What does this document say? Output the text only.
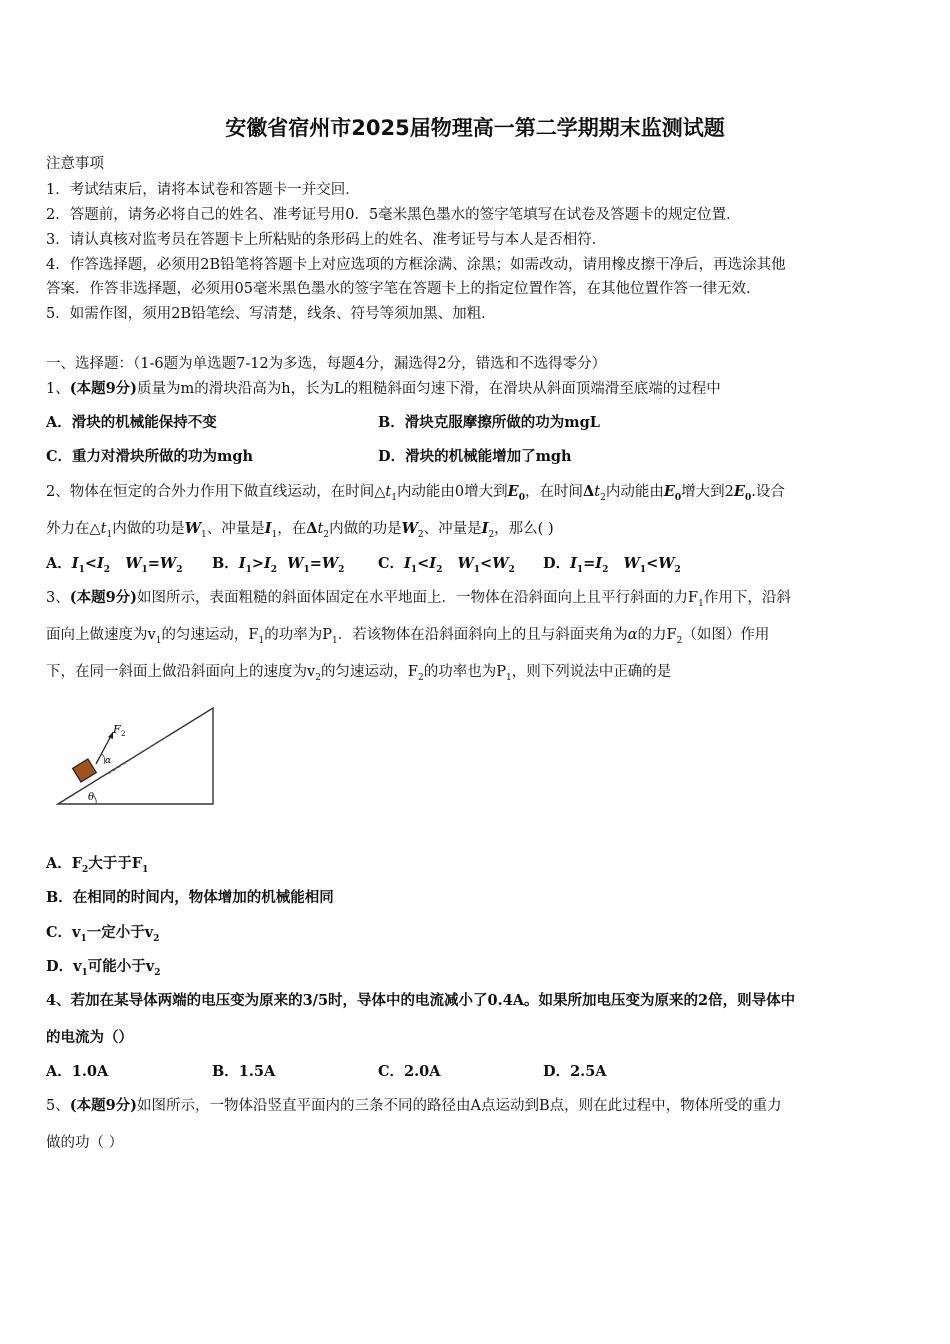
安徽省宿州市2025届物理高一第二学期期末监测试题
注意事项
1．考试结束后，请将本试卷和答题卡一并交回．
2．答题前，请务必将自己的姓名、准考证号用0．5毫米黑色墨水的签字笔填写在试卷及答题卡的规定位置．
3．请认真核对监考员在答题卡上所粘贴的条形码上的姓名、准考证号与本人是否相符．
4．作答选择题，必须用2B铅笔将答题卡上对应选项的方框涂满、涂黑；如需改动，请用橡皮擦干净后，再选涂其他
答案．作答非选择题，必须用05毫米黑色墨水的签字笔在答题卡上的指定位置作答，在其他位置作答一律无效．
5．如需作图，须用2B铅笔绘、写清楚，线条、符号等须加黑、加粗．
一、选择题：（1-6题为单选题7-12为多选，每题4分，漏选得2分，错选和不选得零分）
1、(本题9分)质量为m的滑块沿高为h，长为L的粗糙斜面匀速下滑，在滑块从斜面顶端滑至底端的过程中
A．滑块的机械能保持不变	B．滑块克服摩擦所做的功为mgL
C．重力对滑块所做的功为mgh	D．滑块的机械能增加了mgh
2、物体在恒定的合外力作用下做直线运动，在时间$\triangle t_1$内动能由0增大到$E_0$，在时间$\Delta t_2$内动能由$E_0$增大到$2E_0$.设合
外力在$\triangle t_1$内做的功是$W_1$、冲量是$I_1$，在$\Delta t_2$内做的功是$W_2$、冲量是$I_2$，那么( )
A．$I_1<I_2$ $W_1=W_2$ B．$I_1>I_2$ $W_1=W_2$ C．$I_1<I_2$ $W_1<W_2$ D．$I_1=I_2$ $W_1<W_2$
3、(本题9分)如图所示，表面粗糙的斜面体固定在水平地面上．一物体在沿斜面向上且平行斜面的力$F_1$作用下，沿斜
面向上做速度为$v_1$的匀速运动，$F_1$的功率为$P_1$．若该物体在沿斜面斜向上的且与斜面夹角为α的力$F_2$（如图）作用
下，在同一斜面上做沿斜面向上的速度为$v_2$的匀速运动，$F_2$的功率也为$P_1$，则下列说法中正确的是
F 2
α
θ
A．$F_2$大于于$F_1$
B．在相同的时间内，物体增加的机械能相同
C．$v_1$一定小于$v_2$
D．$v_1$可能小于$v_2$
4、若加在某导体两端的电压变为原来的3/5时，导体中的电流减小了0.4A。如果所加电压变为原来的2倍，则导体中
的电流为（）
A．1.0A	B．1.5A	C．2.0A	D．2.5A
5、(本题9分)如图所示，一物体沿竖直平面内的三条不同的路径由A点运动到B点，则在此过程中，物体所受的重力
做的功（ ）
